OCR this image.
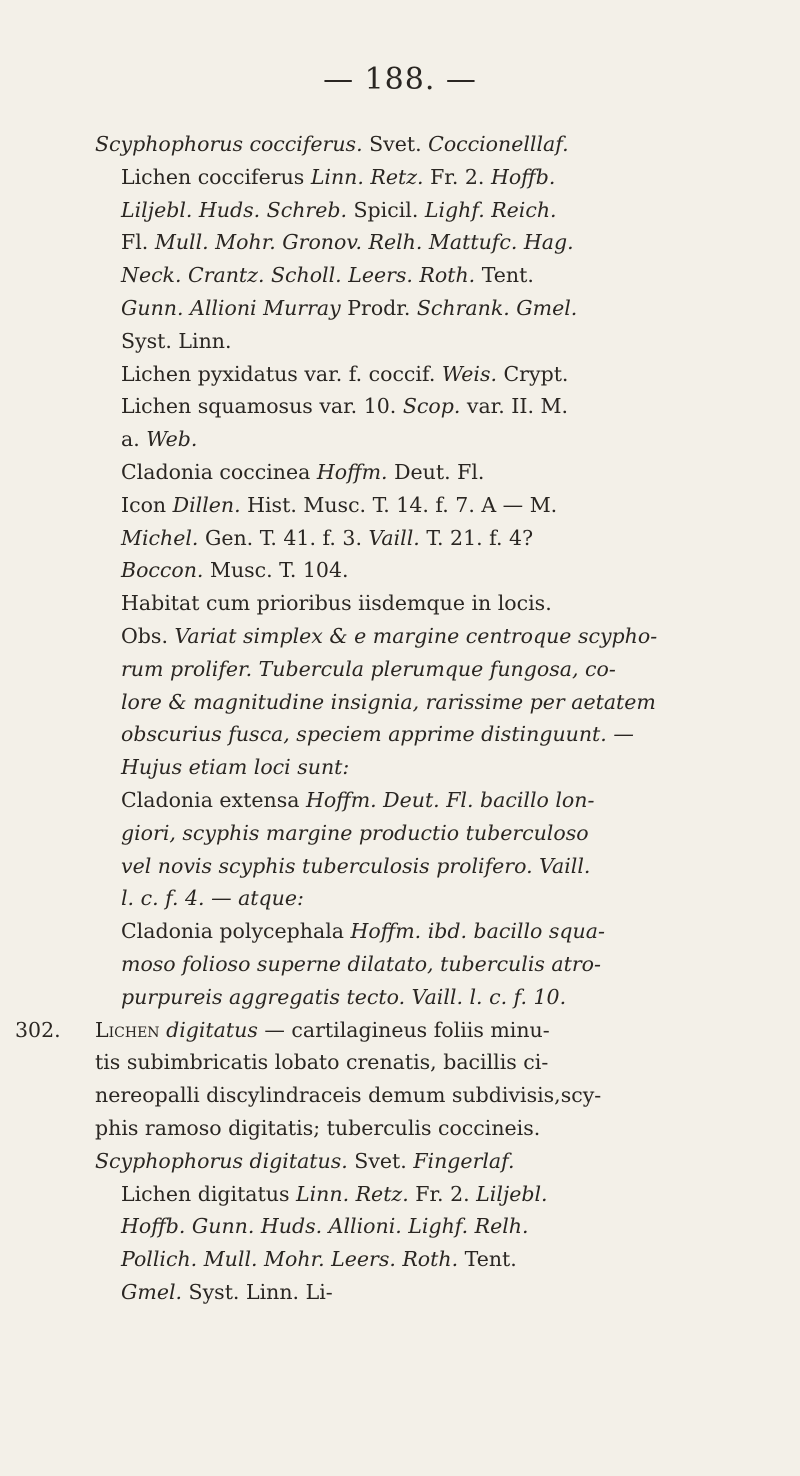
— 188. —
Scyphophorus cocciferus. Svet. Coccionelllaf.
Lichen cocciferus Linn. Retz. Fr. 2. Hoffb.
Liljebl. Huds. Schreb. Spicil. Lighf. Reich.
Fl. Mull. Mohr. Gronov. Relh. Mattufc. Hag.
Neck. Crantz. Scholl. Leers. Roth. Tent.
Gunn. Allioni Murray Prodr. Schrank. Gmel.
Syst. Linn.
Lichen pyxidatus var. f. coccif. Weis. Crypt.
Lichen squamosus var. 10. Scop. var. II. M.
a. Web.
Cladonia coccinea Hoffm. Deut. Fl.
Icon Dillen. Hist. Musc. T. 14. f. 7. A — M.
Michel. Gen. T. 41. f. 3. Vaill. T. 21. f. 4?
Boccon. Musc. T. 104.
Habitat cum prioribus iisdemque in locis.
Obs. Variat simplex & e margine centroque scypho-
rum prolifer. Tubercula plerumque fungosa, co-
lore & magnitudine insignia, rarissime per aetatem
obscurius fusca, speciem apprime distinguunt. —
Hujus etiam loci sunt:
Cladonia extensa Hoffm. Deut. Fl. bacillo lon-
giori, scyphis margine productio tuberculoso
vel novis scyphis tuberculosis prolifero. Vaill.
l. c. f. 4. — atque:
Cladonia polycephala Hoffm. ibd. bacillo squa-
moso folioso superne dilatato, tuberculis atro-
purpureis aggregatis tecto. Vaill. l. c. f. 10.
302. Lichen digitatus — cartilagineus foliis minu-
tis subimbricatis lobato crenatis, bacillis ci-
nereopalli discylindraceis demum subdivisis,scy-
phis ramoso digitatis; tuberculis coccineis.
Scyphophorus digitatus. Svet. Fingerlaf.
Lichen digitatus Linn. Retz. Fr. 2. Liljebl.
Hoffb. Gunn. Huds. Allioni. Lighf. Relh.
Pollich. Mull. Mohr. Leers. Roth. Tent.
Gmel. Syst. Linn. Li-
